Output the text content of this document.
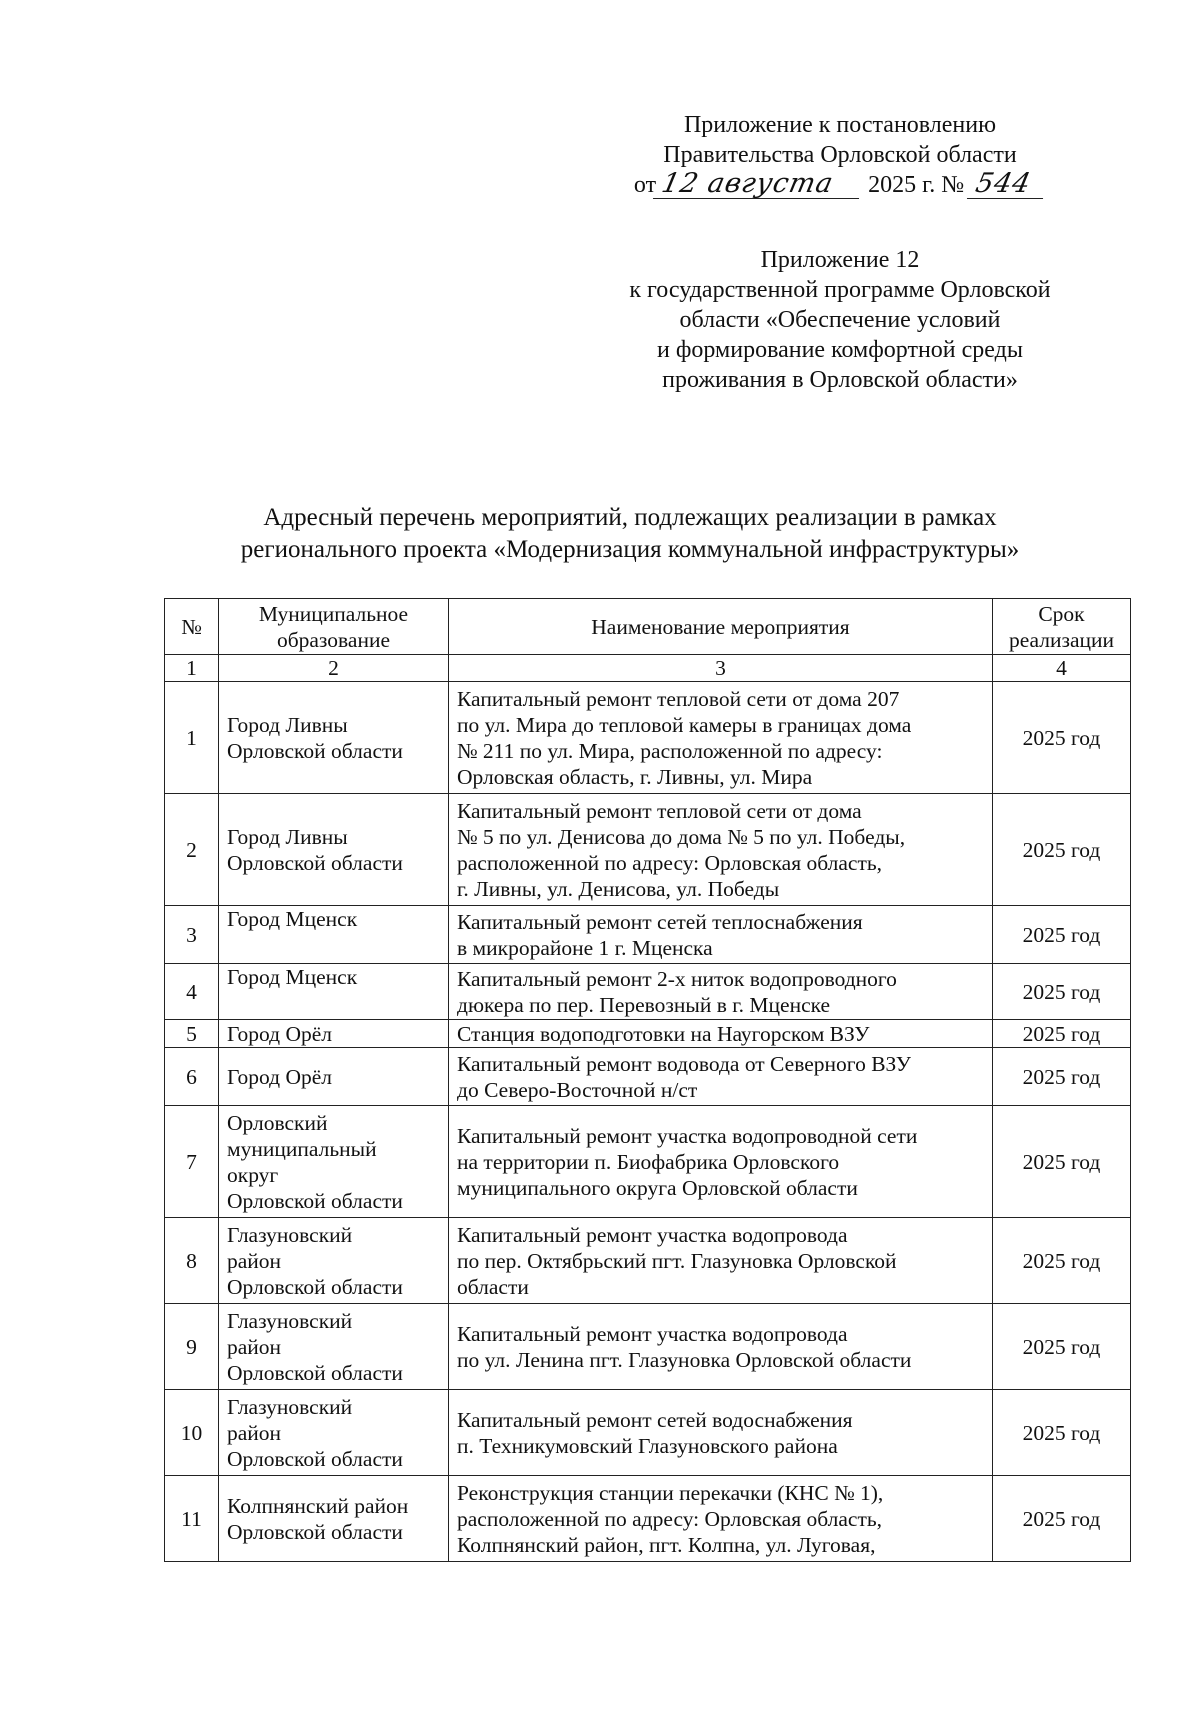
Приложение к постановлению
Правительства Орловской области
от 12 августа 2025 г. № 544
Приложение 12
к государственной программе Орловской
области «Обеспечение условий
и формирование комфортной среды
проживания в Орловской области»
Адресный перечень мероприятий, подлежащих реализации в рамках
регионального проекта «Модернизация коммунальной инфраструктуры»
№	Муниципальное образование	Наименование мероприятия	Срок реализации
1	2	3	4
1	Город Ливны
Орловской области	Капитальный ремонт тепловой сети от дома 207
по ул. Мира до тепловой камеры в границах дома
№ 211 по ул. Мира, расположенной по адресу:
Орловская область, г. Ливны, ул. Мира	2025 год
2	Город Ливны
Орловской области	Капитальный ремонт тепловой сети от дома
№ 5 по ул. Денисова до дома № 5 по ул. Победы,
расположенной по адресу: Орловская область,
г. Ливны, ул. Денисова, ул. Победы	2025 год
3	Город Мценск	Капитальный ремонт сетей теплоснабжения
в микрорайоне 1 г. Мценска	2025 год
4	Город Мценск	Капитальный ремонт 2-х ниток водопроводного
дюкера по пер. Перевозный в г. Мценске	2025 год
5	Город Орёл	Станция водоподготовки на Наугорском ВЗУ	2025 год
6	Город Орёл	Капитальный ремонт водовода от Северного ВЗУ
до Северо-Восточной н/ст	2025 год
7	Орловский
муниципальный
округ
Орловской области	Капитальный ремонт участка водопроводной сети
на территории п. Биофабрика Орловского
муниципального округа Орловской области	2025 год
8	Глазуновский
район
Орловской области	Капитальный ремонт участка водопровода
по пер. Октябрьский пгт. Глазуновка Орловской
области	2025 год
9	Глазуновский
район
Орловской области	Капитальный ремонт участка водопровода
по ул. Ленина пгт. Глазуновка Орловской области	2025 год
10	Глазуновский
район
Орловской области	Капитальный ремонт сетей водоснабжения
п. Техникумовский Глазуновского района	2025 год
11	Колпнянский район
Орловской области	Реконструкция станции перекачки (КНС № 1),
расположенной по адресу: Орловская область,
Колпнянский район, пгт. Колпна, ул. Луговая,	2025 год
